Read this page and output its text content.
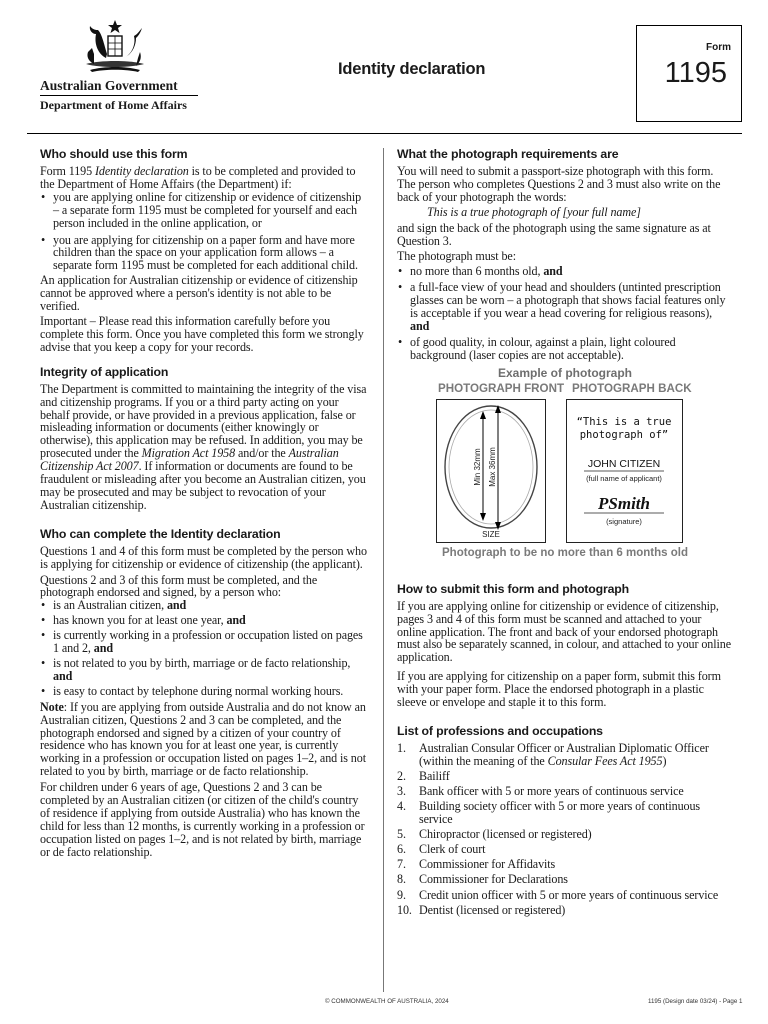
Australian Government
Department of Home Affairs
Identity declaration
Form
1195
Who should use this form

Form 1195 Identity declaration is to be completed and provided to the Department of Home Affairs (the Department) if:

• you are applying online for citizenship or evidence of citizenship – a separate form 1195 must be completed for yourself and each person included in the online application, or
• you are applying for citizenship on a paper form and have more children than the space on your application form allows – a separate form 1195 must be completed for each additional child.

An application for Australian citizenship or evidence of citizenship cannot be approved where a person's identity is not able to be verified.

Important – Please read this information carefully before you complete this form. Once you have completed this form we strongly advise that you keep a copy for your records.

Integrity of application

The Department is committed to maintaining the integrity of the visa and citizenship programs. If you or a third party acting on your behalf provide, or have provided in a previous application, false or misleading information or documents (either knowingly or otherwise), this application may be refused. In addition, you may be prosecuted under the Migration Act 1958 and/or the Australian Citizenship Act 2007. If information or documents are found to be fraudulent or misleading after you become an Australian citizen, you may be prosecuted and may be subject to revocation of your Australian citizenship.

Who can complete the Identity declaration

Questions 1 and 4 of this form must be completed by the person who is applying for citizenship or evidence of citizenship (the applicant).

Questions 2 and 3 of this form must be completed, and the photograph endorsed and signed, by a person who:

• is an Australian citizen, and
• has known you for at least one year, and
• is currently working in a profession or occupation listed on pages 1 and 2, and
• is not related to you by birth, marriage or de facto relationship, and
• is easy to contact by telephone during normal working hours.

Note: If you are applying from outside Australia and do not know an Australian citizen, Questions 2 and 3 can be completed, and the photograph endorsed and signed by a citizen of your country of residence who has known you for at least one year, is currently working in a profession or occupation listed on pages 1–2, and is not related to you by birth, marriage or de facto relationship.

For children under 6 years of age, Questions 2 and 3 can be completed by an Australian citizen (or citizen of the child's country of residence if applying from outside Australia) who has known the child for less than 12 months, is currently working in a profession or occupation listed on pages 1–2, and is not related by birth, marriage or de facto relationship.

What the photograph requirements are

You will need to submit a passport-size photograph with this form. The person who completes Questions 2 and 3 must also write on the back of your photograph the words:

This is a true photograph of [your full name]

and sign the back of the photograph using the same signature as at Question 3.

The photograph must be:

• no more than 6 months old, and
• a full-face view of your head and shoulders (untinted prescription glasses can be worn – a photograph that shows facial features only is acceptable if you wear a head covering for religious reasons), and
• of good quality, in colour, against a plain, light coloured background (laser copies are not acceptable).
Example of photograph
PHOTOGRAPH FRONT PHOTOGRAPH BACK
Min 32mm Max 36mm
SIZE
“This is a true
photograph of”
JOHN CITIZEN
(full name of applicant)
PSmith
(signature)
Photograph to be no more than 6 months old
How to submit this form and photograph

If you are applying online for citizenship or evidence of citizenship, pages 3 and 4 of this form must be scanned and attached to your online application. The front and back of your endorsed photograph must also be separately scanned, in colour, and attached to your online application.

If you are applying for citizenship on a paper form, submit this form with your paper form. Place the endorsed photograph in a plastic sleeve or envelope and staple it to this form.

List of professions and occupations
1. Australian Consular Officer or Australian Diplomatic Officer (within the meaning of the Consular Fees Act 1955)
2. Bailiff
3. Bank officer with 5 or more years of continuous service
4. Building society officer with 5 or more years of continuous service
5. Chiropractor (licensed or registered)
6. Clerk of court
7. Commissioner for Affidavits
8. Commissioner for Declarations
9. Credit union officer with 5 or more years of continuous service
10. Dentist (licensed or registered)
© COMMONWEALTH OF AUSTRALIA, 2024	1195 (Design date 03/24) - Page 1
